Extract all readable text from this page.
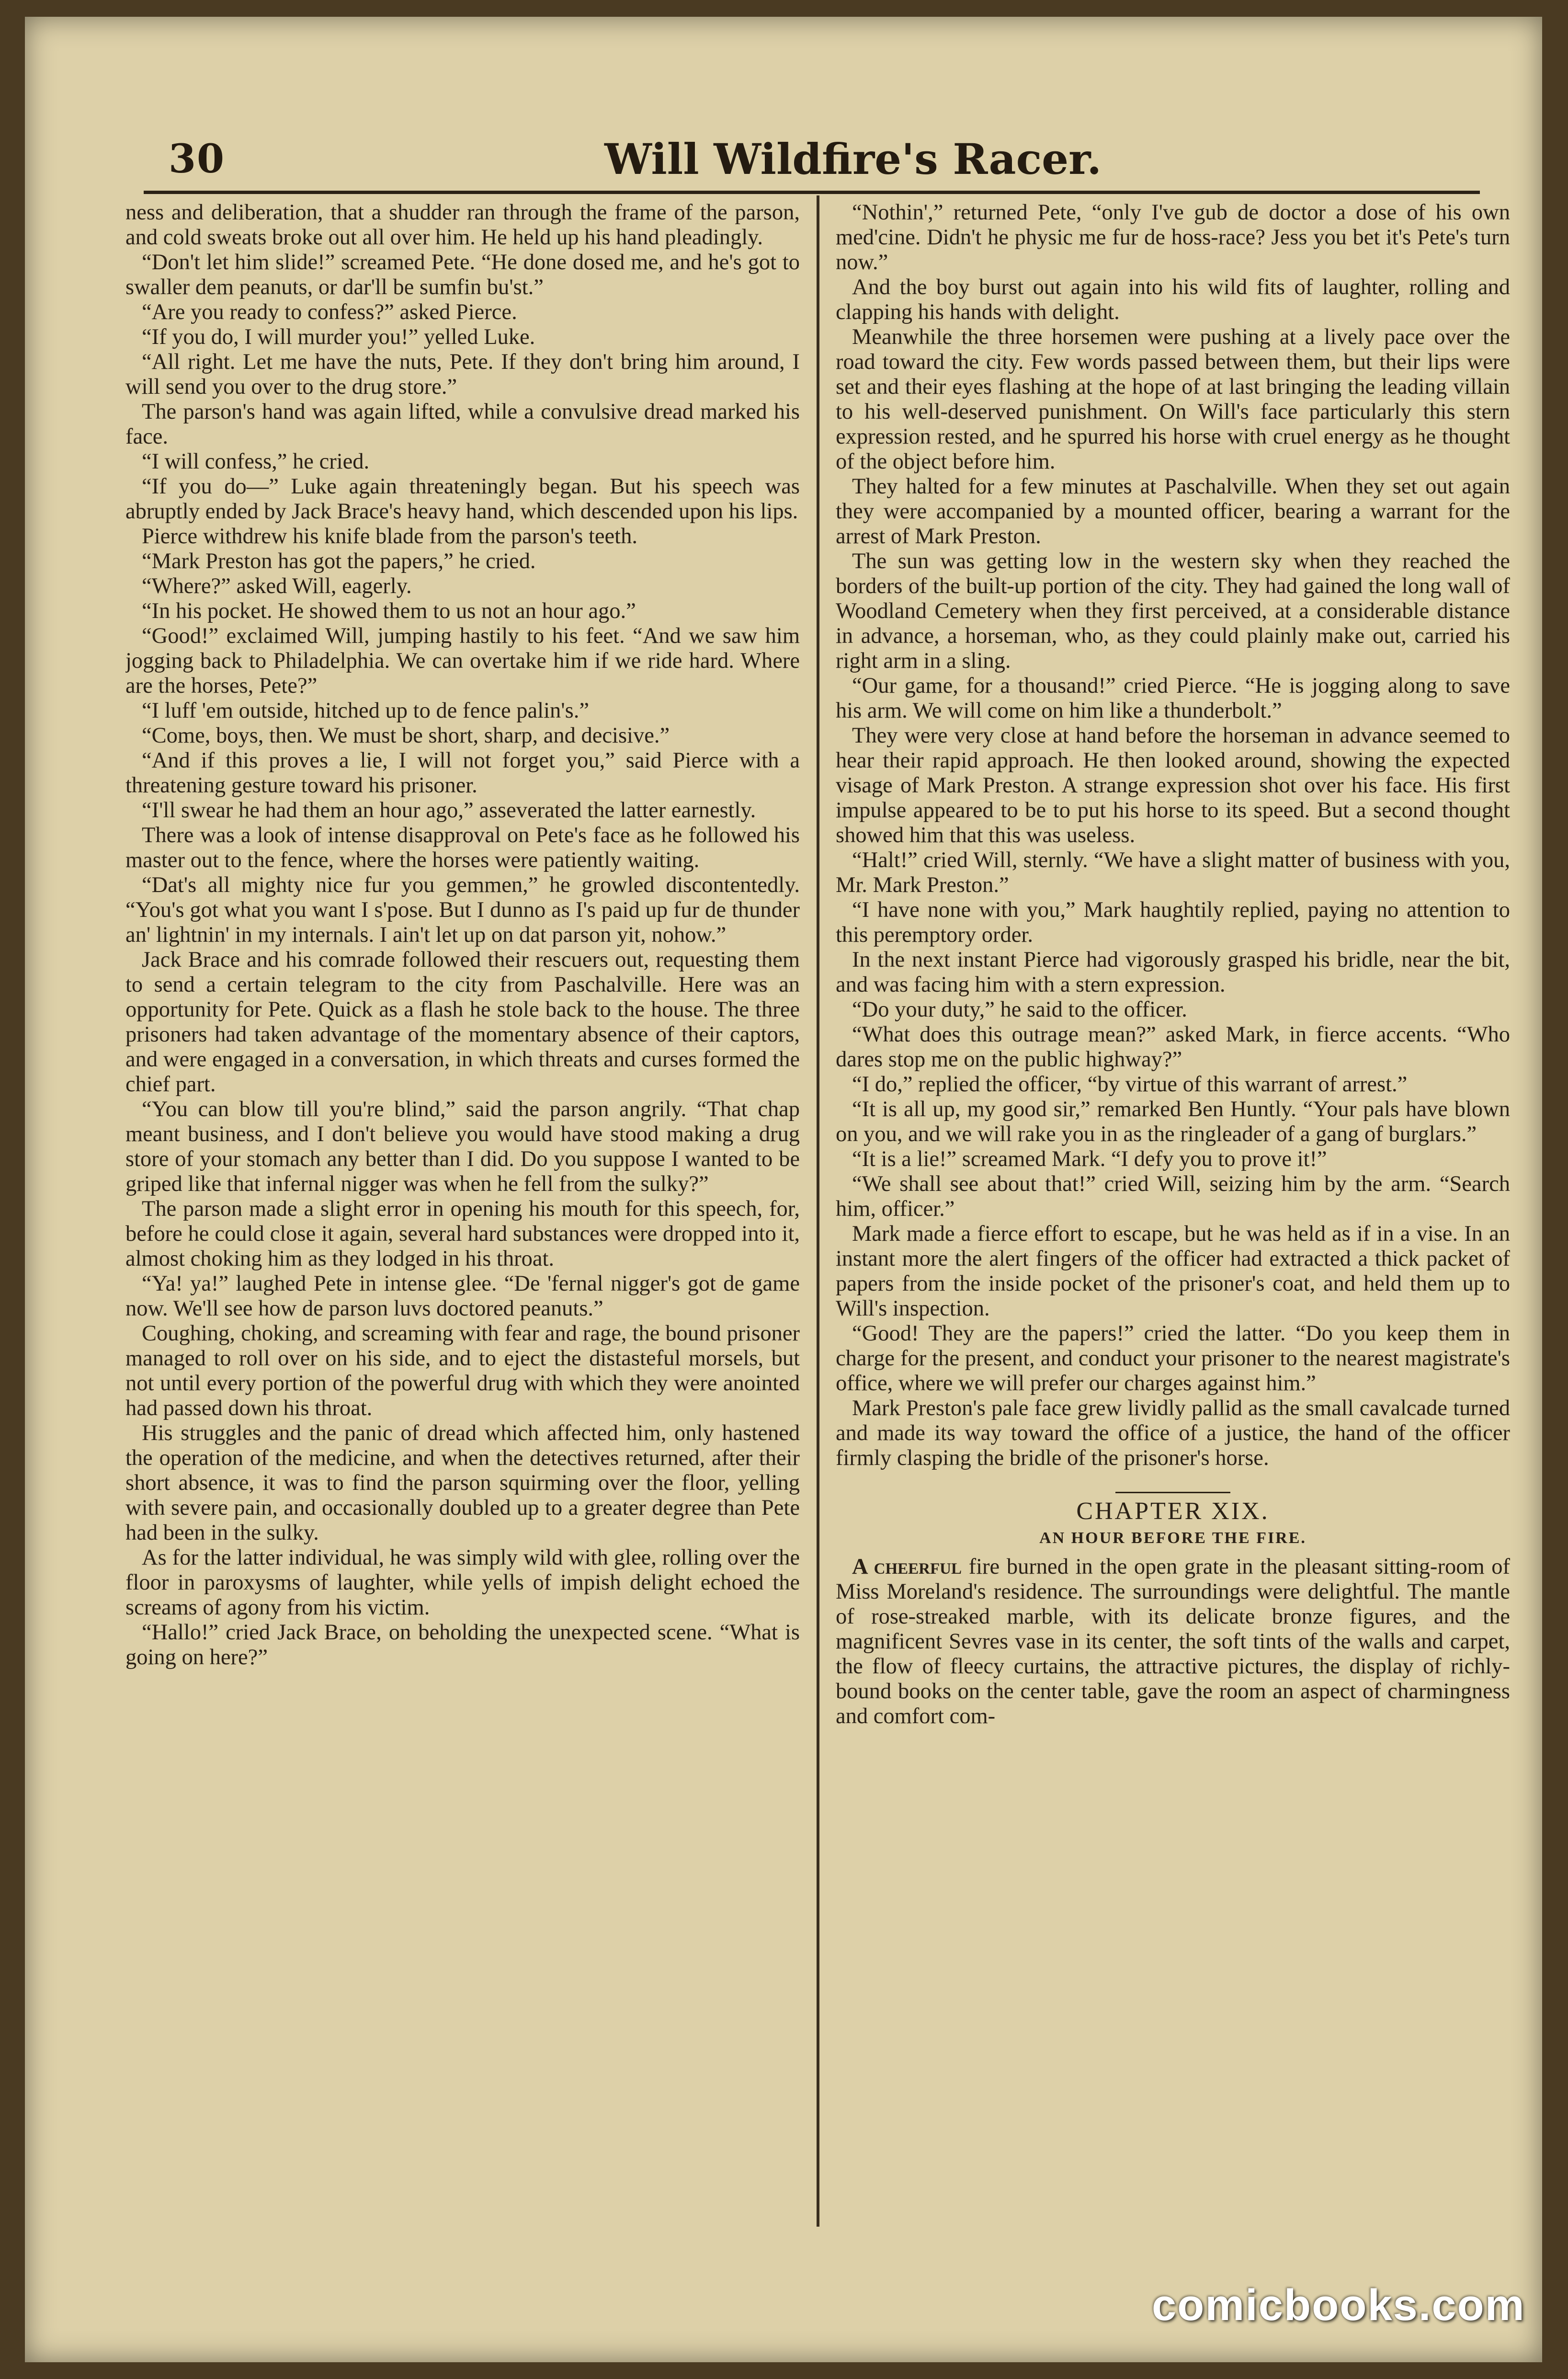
30	Will Wildfire's Racer.

ness and deliberation, that a shudder ran through the frame of the parson, and cold sweats broke out all over him. He held up his hand pleadingly.

“Don't let him slide!” screamed Pete. “He done dosed me, and he's got to swaller dem peanuts, or dar'll be sumfin bu'st.”

“Are you ready to confess?” asked Pierce.

“If you do, I will murder you!” yelled Luke.

“All right. Let me have the nuts, Pete. If they don't bring him around, I will send you over to the drug store.”

The parson's hand was again lifted, while a convulsive dread marked his face.

“I will confess,” he cried.

“If you do—” Luke again threateningly began. But his speech was abruptly ended by Jack Brace's heavy hand, which descended upon his lips.

Pierce withdrew his knife blade from the parson's teeth.

“Mark Preston has got the papers,” he cried.

“Where?” asked Will, eagerly.

“In his pocket. He showed them to us not an hour ago.”

“Good!” exclaimed Will, jumping hastily to his feet. “And we saw him jogging back to Philadelphia. We can overtake him if we ride hard. Where are the horses, Pete?”

“I luff 'em outside, hitched up to de fence palin's.”

“Come, boys, then. We must be short, sharp, and decisive.”

“And if this proves a lie, I will not forget you,” said Pierce with a threatening gesture toward his prisoner.

“I'll swear he had them an hour ago,” asseverated the latter earnestly.

There was a look of intense disapproval on Pete's face as he followed his master out to the fence, where the horses were patiently waiting.

“Dat's all mighty nice fur you gemmen,” he growled discontentedly. “You's got what you want I s'pose. But I dunno as I's paid up fur de thunder an' lightnin' in my internals. I ain't let up on dat parson yit, nohow.”

Jack Brace and his comrade followed their rescuers out, requesting them to send a certain telegram to the city from Paschalville. Here was an opportunity for Pete. Quick as a flash he stole back to the house. The three prisoners had taken advantage of the momentary absence of their captors, and were engaged in a conversation, in which threats and curses formed the chief part.

“You can blow till you're blind,” said the parson angrily. “That chap meant business, and I don't believe you would have stood making a drug store of your stomach any better than I did. Do you suppose I wanted to be griped like that infernal nigger was when he fell from the sulky?”

The parson made a slight error in opening his mouth for this speech, for, before he could close it again, several hard substances were dropped into it, almost choking him as they lodged in his throat.

“Ya! ya!” laughed Pete in intense glee. “De 'fernal nigger's got de game now. We'll see how de parson luvs doctored peanuts.”

Coughing, choking, and screaming with fear and rage, the bound prisoner managed to roll over on his side, and to eject the distasteful morsels, but not until every portion of the powerful drug with which they were anointed had passed down his throat.

His struggles and the panic of dread which affected him, only hastened the operation of the medicine, and when the detectives returned, after their short absence, it was to find the parson squirming over the floor, yelling with severe pain, and occasionally doubled up to a greater degree than Pete had been in the sulky.

As for the latter individual, he was simply wild with glee, rolling over the floor in paroxysms of laughter, while yells of impish delight echoed the screams of agony from his victim.

“Hallo!” cried Jack Brace, on beholding the unexpected scene. “What is going on here?”

“Nothin',” returned Pete, “only I've gub de doctor a dose of his own med'cine. Didn't he physic me fur de hoss-race? Jess you bet it's Pete's turn now.”

And the boy burst out again into his wild fits of laughter, rolling and clapping his hands with delight.

Meanwhile the three horsemen were pushing at a lively pace over the road toward the city. Few words passed between them, but their lips were set and their eyes flashing at the hope of at last bringing the leading villain to his well-deserved punishment. On Will's face particularly this stern expression rested, and he spurred his horse with cruel energy as he thought of the object before him.

They halted for a few minutes at Paschalville. When they set out again they were accompanied by a mounted officer, bearing a warrant for the arrest of Mark Preston.

The sun was getting low in the western sky when they reached the borders of the built-up portion of the city. They had gained the long wall of Woodland Cemetery when they first perceived, at a considerable distance in advance, a horseman, who, as they could plainly make out, carried his right arm in a sling.

“Our game, for a thousand!” cried Pierce. “He is jogging along to save his arm. We will come on him like a thunderbolt.”

They were very close at hand before the horseman in advance seemed to hear their rapid approach. He then looked around, showing the expected visage of Mark Preston. A strange expression shot over his face. His first impulse appeared to be to put his horse to its speed. But a second thought showed him that this was useless.

“Halt!” cried Will, sternly. “We have a slight matter of business with you, Mr. Mark Preston.”

“I have none with you,” Mark haughtily replied, paying no attention to this peremptory order.

In the next instant Pierce had vigorously grasped his bridle, near the bit, and was facing him with a stern expression.

“Do your duty,” he said to the officer.

“What does this outrage mean?” asked Mark, in fierce accents. “Who dares stop me on the public highway?”

“I do,” replied the officer, “by virtue of this warrant of arrest.”

“It is all up, my good sir,” remarked Ben Huntly. “Your pals have blown on you, and we will rake you in as the ringleader of a gang of burglars.”

“It is a lie!” screamed Mark. “I defy you to prove it!”

“We shall see about that!” cried Will, seizing him by the arm. “Search him, officer.”

Mark made a fierce effort to escape, but he was held as if in a vise. In an instant more the alert fingers of the officer had extracted a thick packet of papers from the inside pocket of the prisoner's coat, and held them up to Will's inspection.

“Good! They are the papers!” cried the latter. “Do you keep them in charge for the present, and conduct your prisoner to the nearest magistrate's office, where we will prefer our charges against him.”

Mark Preston's pale face grew lividly pallid as the small cavalcade turned and made its way toward the office of a justice, the hand of the officer firmly clasping the bridle of the prisoner's horse.

CHAPTER XIX.
AN HOUR BEFORE THE FIRE.

A cheerful fire burned in the open grate in the pleasant sitting-room of Miss Moreland's residence. The surroundings were delightful. The mantle of rose-streaked marble, with its delicate bronze figures, and the magnificent Sevres vase in its center, the soft tints of the walls and carpet, the flow of fleecy curtains, the attractive pictures, the display of richly-bound books on the center table, gave the room an aspect of charmingness and comfort com-

comicbooks.com
